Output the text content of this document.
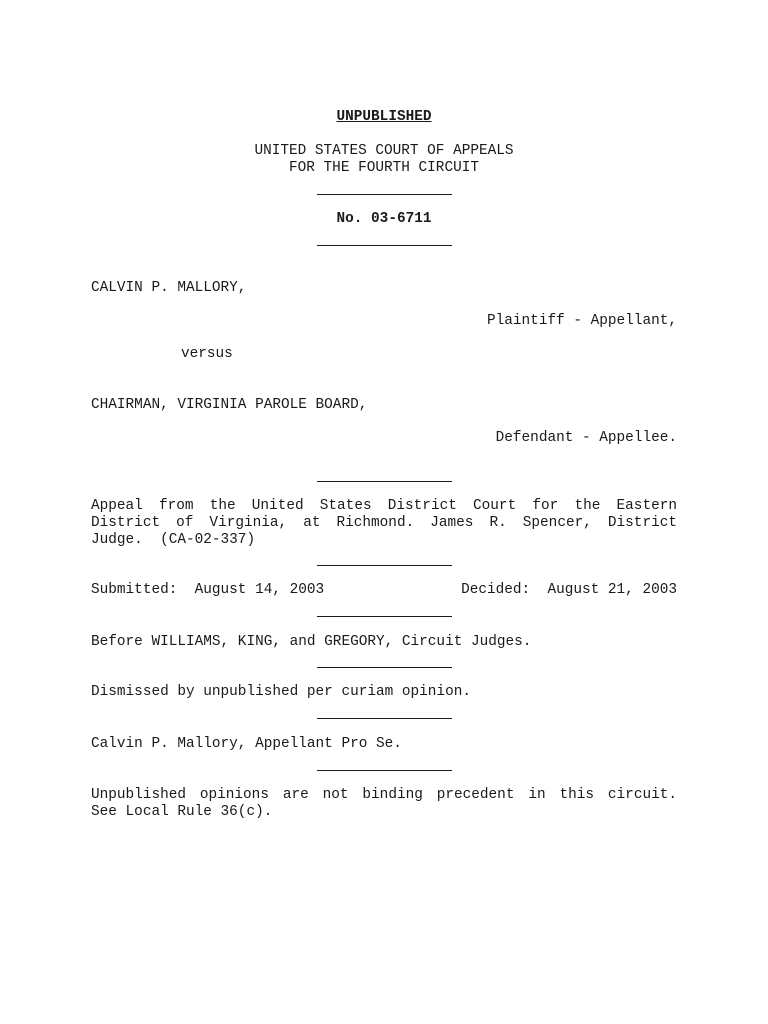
UNPUBLISHED
UNITED STATES COURT OF APPEALS
FOR THE FOURTH CIRCUIT
No. 03-6711
CALVIN P. MALLORY,
Plaintiff - Appellant,
versus
CHAIRMAN, VIRGINIA PAROLE BOARD,
Defendant - Appellee.
Appeal from the United States District Court for the Eastern
District of Virginia, at Richmond. James R. Spencer, District
Judge.  (CA-02-337)
Submitted:  August 14, 2003	Decided:  August 21, 2003
Before WILLIAMS, KING, and GREGORY, Circuit Judges.
Dismissed by unpublished per curiam opinion.
Calvin P. Mallory, Appellant Pro Se.
Unpublished opinions are not binding precedent in this circuit.
See Local Rule 36(c).
